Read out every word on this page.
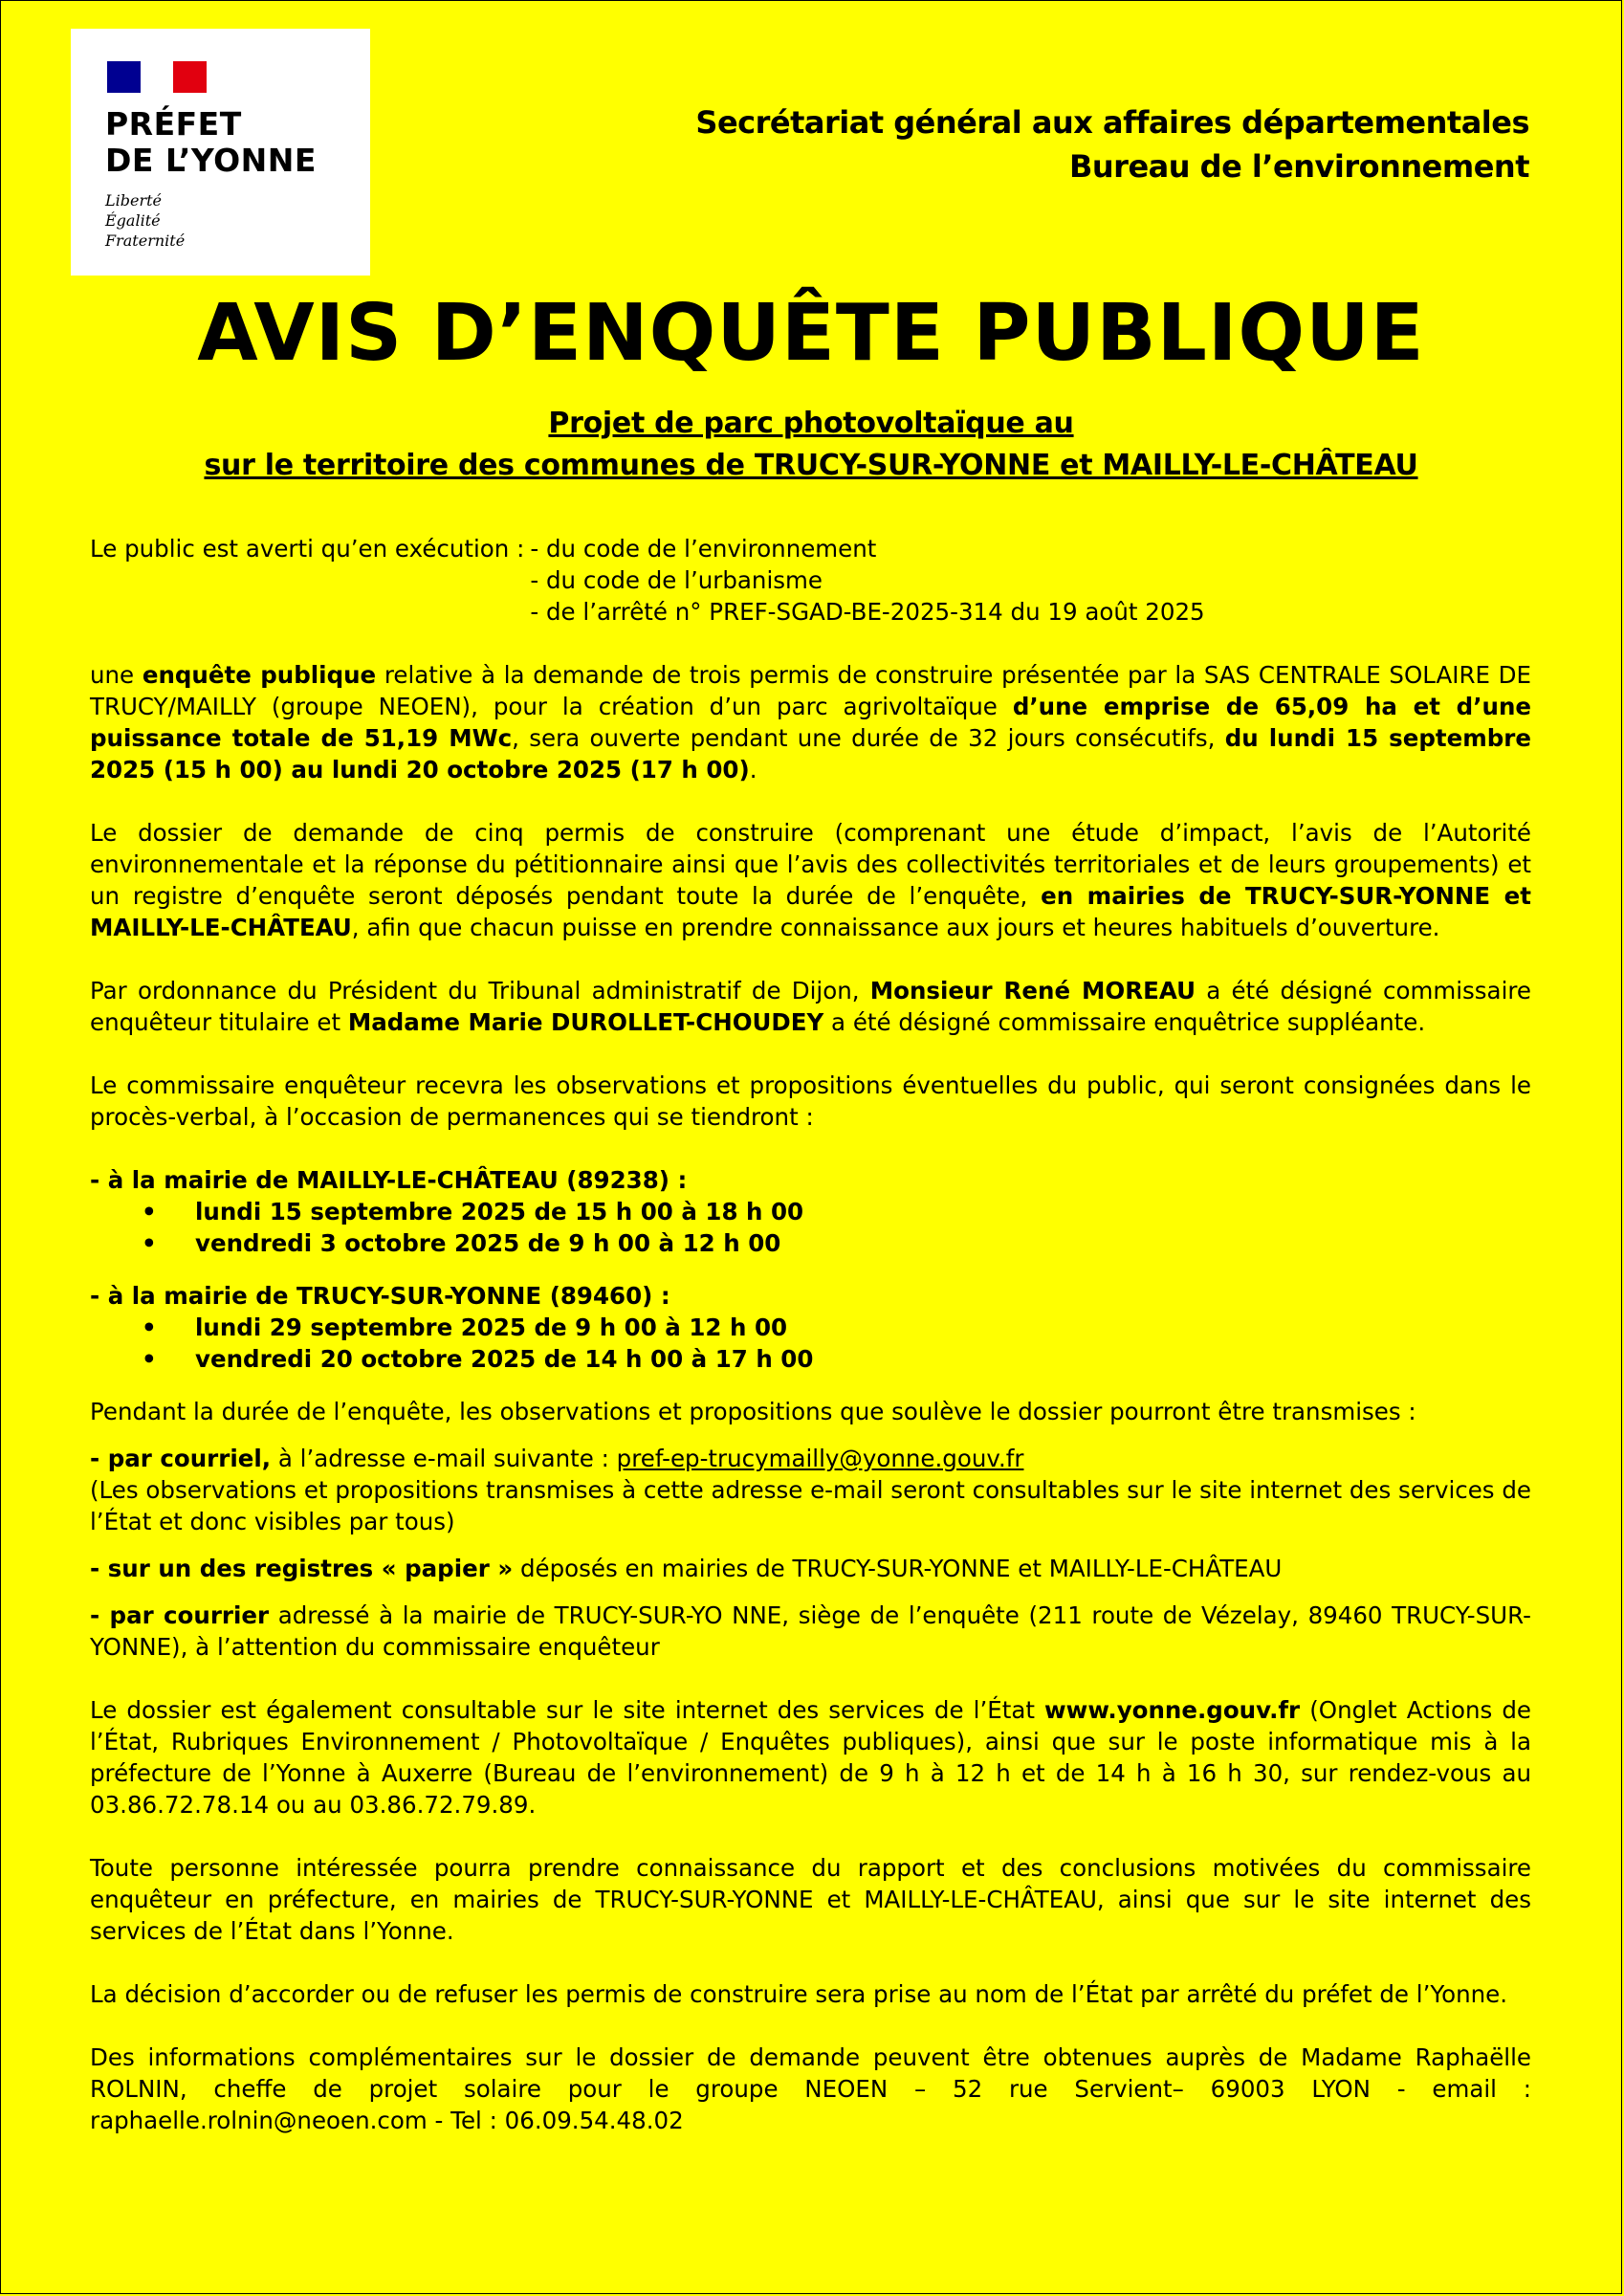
PRÉFET
DE L’YONNE
Liberté
Égalité
Fraternité
Secrétariat général aux affaires départementales
Bureau de l’environnement
AVIS D’ENQUÊTE PUBLIQUE
Projet de parc photovoltaïque au
sur le territoire des communes de TRUCY-SUR-YONNE et MAILLY-LE-CHÂTEAU
Le public est averti qu’en exécution : - du code de l’environnement
- du code de l’urbanisme
- de l’arrêté n° PREF-SGAD-BE-2025-314 du 19 août 2025

une enquête publique relative à la demande de trois permis de construire présentée par la SAS CENTRALE SOLAIRE DE TRUCY/MAILLY (groupe NEOEN), pour la création d’un parc agrivoltaïque d’une emprise de 65,09 ha et d’une puissance totale de 51,19 MWc, sera ouverte pendant une durée de 32 jours consécutifs, du lundi 15 septembre 2025 (15 h 00) au lundi 20 octobre 2025 (17 h 00).

Le dossier de demande de cinq permis de construire (comprenant une étude d’impact, l’avis de l’Autorité environnementale et la réponse du pétitionnaire ainsi que l’avis des collectivités territoriales et de leurs groupements) et un registre d’enquête seront déposés pendant toute la durée de l’enquête, en mairies de TRUCY-SUR-YONNE et MAILLY-LE-CHÂTEAU, afin que chacun puisse en prendre connaissance aux jours et heures habituels d’ouverture.

Par ordonnance du Président du Tribunal administratif de Dijon, Monsieur René MOREAU a été désigné commissaire enquêteur titulaire et Madame Marie DUROLLET-CHOUDEY a été désigné commissaire enquêtrice suppléante.

Le commissaire enquêteur recevra les observations et propositions éventuelles du public, qui seront consignées dans le procès-verbal, à l’occasion de permanences qui se tiendront :

- à la mairie de MAILLY-LE-CHÂTEAU (89238) :

• lundi 15 septembre 2025 de 15 h 00 à 18 h 00
• vendredi 3 octobre 2025 de 9 h 00 à 12 h 00

- à la mairie de TRUCY-SUR-YONNE (89460) :

• lundi 29 septembre 2025 de 9 h 00 à 12 h 00
• vendredi 20 octobre 2025 de 14 h 00 à 17 h 00

Pendant la durée de l’enquête, les observations et propositions que soulève le dossier pourront être transmises :

- par courriel, à l’adresse e-mail suivante : pref-ep-trucymailly@yonne.gouv.fr

(Les observations et propositions transmises à cette adresse e-mail seront consultables sur le site internet des services de l’État et donc visibles par tous)

- sur un des registres « papier » déposés en mairies de TRUCY-SUR-YONNE et MAILLY-LE-CHÂTEAU

- par courrier adressé à la mairie de TRUCY-SUR-YO NNE, siège de l’enquête (211 route de Vézelay, 89460 TRUCY-SUR-YONNE), à l’attention du commissaire enquêteur

Le dossier est également consultable sur le site internet des services de l’État www.yonne.gouv.fr (Onglet Actions de l’État, Rubriques Environnement / Photovoltaïque / Enquêtes publiques), ainsi que sur le poste informatique mis à la préfecture de l’Yonne à Auxerre (Bureau de l’environnement) de 9 h à 12 h et de 14 h à 16 h 30, sur rendez-vous au 03.86.72.78.14 ou au 03.86.72.79.89.

Toute personne intéressée pourra prendre connaissance du rapport et des conclusions motivées du commissaire enquêteur en préfecture, en mairies de TRUCY-SUR-YONNE et MAILLY-LE-CHÂTEAU, ainsi que sur le site internet des services de l’État dans l’Yonne.

La décision d’accorder ou de refuser les permis de construire sera prise au nom de l’État par arrêté du préfet de l’Yonne.

Des informations complémentaires sur le dossier de demande peuvent être obtenues auprès de Madame Raphaëlle ROLNIN, cheffe de projet solaire pour le groupe NEOEN – 52 rue Servient– 69003 LYON - email : raphaelle.rolnin@neoen.com - Tel : 06.09.54.48.02
